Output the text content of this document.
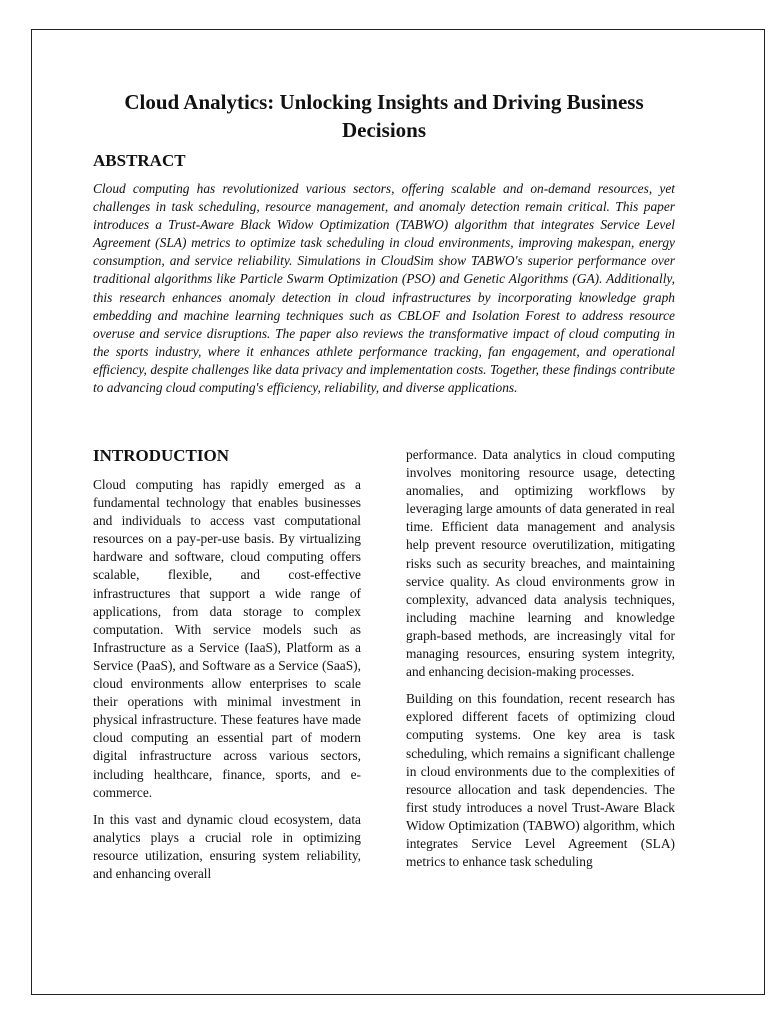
Cloud Analytics: Unlocking Insights and Driving Business Decisions
ABSTRACT

Cloud computing has revolutionized various sectors, offering scalable and on-demand resources, yet challenges in task scheduling, resource management, and anomaly detection remain critical. This paper introduces a Trust-Aware Black Widow Optimization (TABWO) algorithm that integrates Service Level Agreement (SLA) metrics to optimize task scheduling in cloud environments, improving makespan, energy consumption, and service reliability. Simulations in CloudSim show TABWO's superior performance over traditional algorithms like Particle Swarm Optimization (PSO) and Genetic Algorithms (GA). Additionally, this research enhances anomaly detection in cloud infrastructures by incorporating knowledge graph embedding and machine learning techniques such as CBLOF and Isolation Forest to address resource overuse and service disruptions. The paper also reviews the transformative impact of cloud computing in the sports industry, where it enhances athlete performance tracking, fan engagement, and operational efficiency, despite challenges like data privacy and implementation costs. Together, these findings contribute to advancing cloud computing's efficiency, reliability, and diverse applications.

INTRODUCTION

Cloud computing has rapidly emerged as a fundamental technology that enables businesses and individuals to access vast computational resources on a pay-per-use basis. By virtualizing hardware and software, cloud computing offers scalable, flexible, and cost-effective infrastructures that support a wide range of applications, from data storage to complex computation. With service models such as Infrastructure as a Service (IaaS), Platform as a Service (PaaS), and Software as a Service (SaaS), cloud environments allow enterprises to scale their operations with minimal investment in physical infrastructure. These features have made cloud computing an essential part of modern digital infrastructure across various sectors, including healthcare, finance, sports, and e-commerce.

In this vast and dynamic cloud ecosystem, data analytics plays a crucial role in optimizing resource utilization, ensuring system reliability, and enhancing overall

performance. Data analytics in cloud computing involves monitoring resource usage, detecting anomalies, and optimizing workflows by leveraging large amounts of data generated in real time. Efficient data management and analysis help prevent resource overutilization, mitigating risks such as security breaches, and maintaining service quality. As cloud environments grow in complexity, advanced data analysis techniques, including machine learning and knowledge graph-based methods, are increasingly vital for managing resources, ensuring system integrity, and enhancing decision-making processes.

Building on this foundation, recent research has explored different facets of optimizing cloud computing systems. One key area is task scheduling, which remains a significant challenge in cloud environments due to the complexities of resource allocation and task dependencies. The first study introduces a novel Trust-Aware Black Widow Optimization (TABWO) algorithm, which integrates Service Level Agreement (SLA) metrics to enhance task scheduling
